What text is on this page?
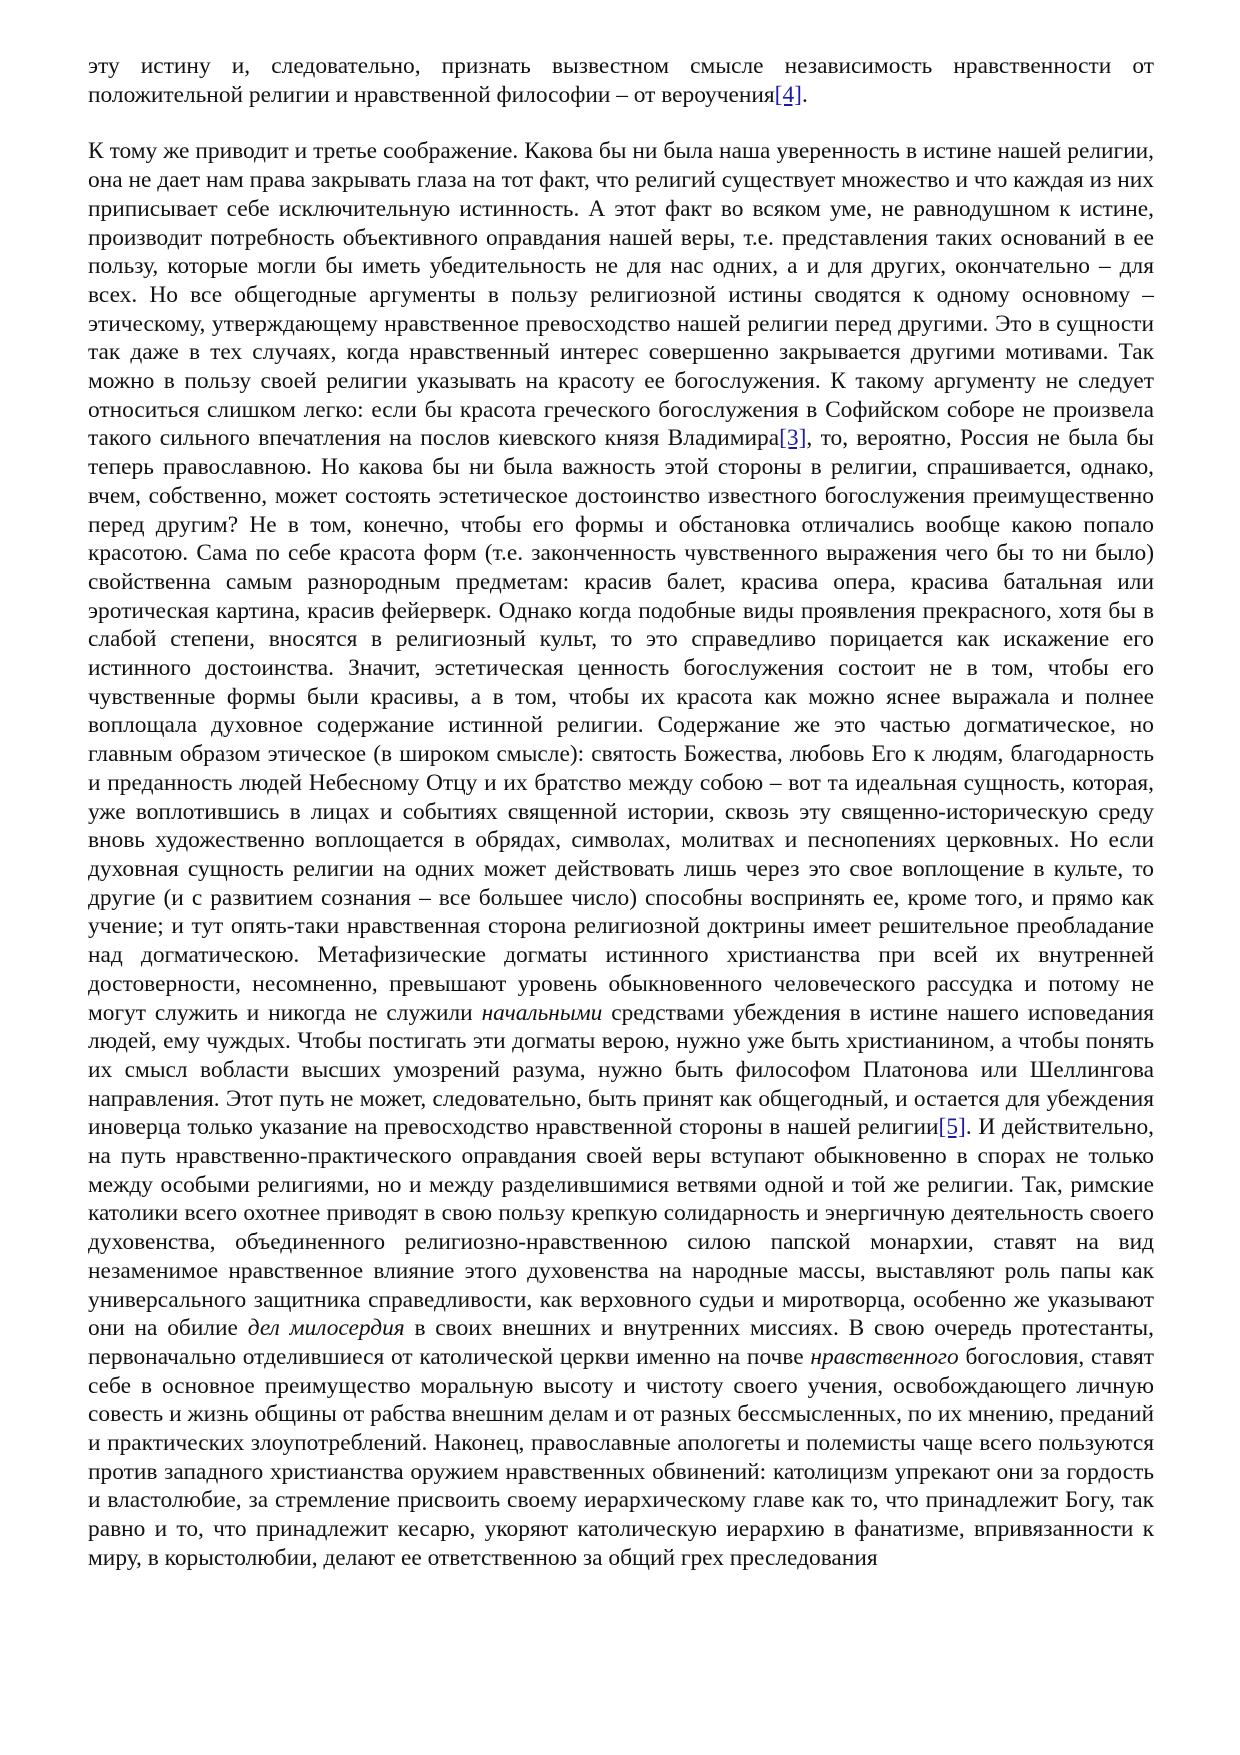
эту истину и, следовательно, признать вызвестном смысле независимость нравственности от положительной религии и нравственной философии – от вероучения[4].

К тому же приводит и третье соображение. Какова бы ни была наша уверенность в истине нашей религии, она не дает нам права закрывать глаза на тот факт, что религий существует множество и что каждая из них приписывает себе исключительную истинность. А этот факт во всяком уме, не равнодушном к истине, производит потребность объективного оправдания нашей веры, т.е. представления таких оснований в ее пользу, которые могли бы иметь убедительность не для нас одних, а и для других, окончательно – для всех. Но все общегодные аргументы в пользу религиозной истины сводятся к одному основному – этическому, утверждающему нравственное превосходство нашей религии перед другими. Это в сущности так даже в тех случаях, когда нравственный интерес совершенно закрывается другими мотивами. Так можно в пользу своей религии указывать на красоту ее богослужения. К такому аргументу не следует относиться слишком легко: если бы красота греческого богослужения в Софийском соборе не произвела такого сильного впечатления на послов киевского князя Владимира[3], то, вероятно, Россия не была бы теперь православною. Но какова бы ни была важность этой стороны в религии, спрашивается, однако, вчем, собственно, может состоять эстетическое достоинство известного богослужения преимущественно перед другим? Не в том, конечно, чтобы его формы и обстановка отличались вообще какою попало красотою. Сама по себе красота форм (т.е. законченность чувственного выражения чего бы то ни было) свойственна самым разнородным предметам: красив балет, красива опера, красива батальная или эротическая картина, красив фейерверк. Однако когда подобные виды проявления прекрасного, хотя бы в слабой степени, вносятся в религиозный культ, то это справедливо порицается как искажение его истинного достоинства. Значит, эстетическая ценность богослужения состоит не в том, чтобы его чувственные формы были красивы, а в том, чтобы их красота как можно яснее выражала и полнее воплощала духовное содержание истинной религии. Содержание же это частью догматическое, но главным образом этическое (в широком смысле): святость Божества, любовь Его к людям, благодарность и преданность людей Небесному Отцу и их братство между собою – вот та идеальная сущность, которая, уже воплотившись в лицах и событиях священной истории, сквозь эту священно-историческую среду вновь художественно воплощается в обрядах, символах, молитвах и песнопениях церковных. Но если духовная сущность религии на одних может действовать лишь через это свое воплощение в культе, то другие (и с развитием сознания – все большее число) способны воспринять ее, кроме того, и прямо как учение; и тут опять-таки нравственная сторона религиозной доктрины имеет решительное преобладание над догматическою. Метафизические догматы истинного христианства при всей их внутренней достоверности, несомненно, превышают уровень обыкновенного человеческого рассудка и потому не могут служить и никогда не служили начальными средствами убеждения в истине нашего исповедания людей, ему чуждых. Чтобы постигать эти догматы верою, нужно уже быть христианином, а чтобы понять их смысл вобласти высших умозрений разума, нужно быть философом Платонова или Шеллингова направления. Этот путь не может, следовательно, быть принят как общегодный, и остается для убеждения иноверца только указание на превосходство нравственной стороны в нашей религии[5]. И действительно, на путь нравственно-практического оправдания своей веры вступают обыкновенно в спорах не только между особыми религиями, но и между разделившимися ветвями одной и той же религии. Так, римские католики всего охотнее приводят в свою пользу крепкую солидарность и энергичную деятельность своего духовенства, объединенного религиозно-нравственною силою папской монархии, ставят на вид незаменимое нравственное влияние этого духовенства на народные массы, выставляют роль папы как универсального защитника справедливости, как верховного судьи и миротворца, особенно же указывают они на обилие дел милосердия в своих внешних и внутренних миссиях. В свою очередь протестанты, первоначально отделившиеся от католической церкви именно на почве нравственного богословия, ставят себе в основное преимущество моральную высоту и чистоту своего учения, освобождающего личную совесть и жизнь общины от рабства внешним делам и от разных бессмысленных, по их мнению, преданий и практических злоупотреблений. Наконец, православные апологеты и полемисты чаще всего пользуются против западного христианства оружием нравственных обвинений: католицизм упрекают они за гордость и властолюбие, за стремление присвоить своему иерархическому главе как то, что принадлежит Богу, так равно и то, что принадлежит кесарю, укоряют католическую иерархию в фанатизме, впривязанности к миру, в корыстолюбии, делают ее ответственною за общий грех преследования
